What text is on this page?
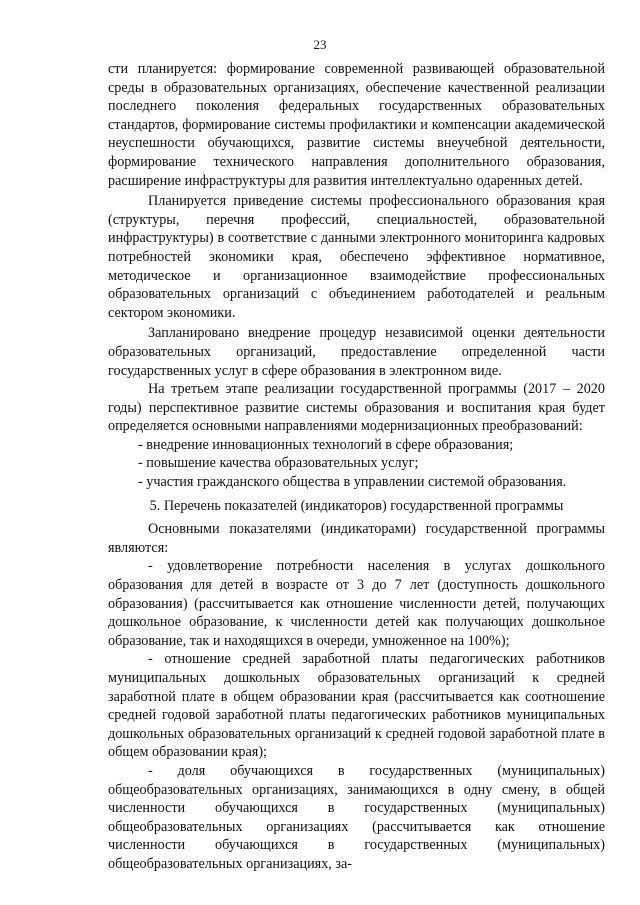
23

сти планируется: формирование современной развивающей образовательной среды в образовательных организациях, обеспечение качественной реализации последнего поколения федеральных государственных образовательных стандартов, формирование системы профилактики и компенсации академической неуспешности обучающихся, развитие системы внеучебной деятельности, формирование технического направления дополнительного образования, расширение инфраструктуры для развития интеллектуально одаренных детей.

Планируется приведение системы профессионального образования края (структуры, перечня профессий, специальностей, образовательной инфраструктуры) в соответствие с данными электронного мониторинга кадровых потребностей экономики края, обеспечено эффективное нормативное, методическое и организационное взаимодействие профессиональных образовательных организаций с объединением работодателей и реальным сектором экономики.

Запланировано внедрение процедур независимой оценки деятельности образовательных организаций, предоставление определенной части государственных услуг в сфере образования в электронном виде.

На третьем этапе реализации государственной программы (2017 – 2020 годы) перспективное развитие системы образования и воспитания края будет определяется основными направлениями модернизационных преобразований:

- внедрение инновационных технологий в сфере образования;

- повышение качества образовательных услуг;

- участия гражданского общества в управлении системой образования.

5. Перечень показателей (индикаторов) государственной программы

Основными показателями (индикаторами) государственной программы являются:

- удовлетворение потребности населения в услугах дошкольного образования для детей в возрасте от 3 до 7 лет (доступность дошкольного образования) (рассчитывается как отношение численности детей, получающих дошкольное образование, к численности детей как получающих дошкольное образование, так и находящихся в очереди, умноженное на 100%);

- отношение средней заработной платы педагогических работников муниципальных дошкольных образовательных организаций к средней заработной плате в общем образовании края (рассчитывается как соотношение средней годовой заработной платы педагогических работников муниципальных дошкольных образовательных организаций к средней годовой заработной плате в общем образовании края);

- доля обучающихся в государственных (муниципальных) общеобразовательных организациях, занимающихся в одну смену, в общей численности обучающихся в государственных (муниципальных) общеобразовательных организациях (рассчитывается как отношение численности обучающихся в государственных (муниципальных) общеобразовательных организациях, за-
